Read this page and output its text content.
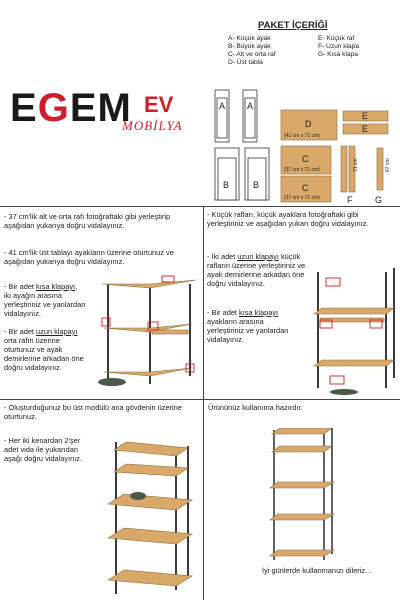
EGEM EV
MOBİLYA
PAKET İÇERİĞİ
A- Küçük ayak
B- Büyük ayak
C- Alt ve orta raf
D- Üst tabla
E- Küçük raf
F- Uzun klapa
G- Kısa klapa
A A
B	B
D
(41 cm x 71 cm)
E
E
C
(37 cm x 71 cm)
C
(37 cm x 71 cm)
71 cm
F
67 cm
G
- 37 cm'lik alt ve orta rafı fotoğraftaki gibi yerleştirip aşağıdan yukarıya doğru vidalayınız.
- 41 cm'lik üst tablayı ayakların üzerine oturtunuz ve aşağıdan yukarıya doğru vidalayınız.
- Bir adet kısa klapayı, iki ayağın arasına yerleştiriniz ve yanlardan vidalayınız.
- Bir adet uzun klapayı orta rafın üzerine oturtunuz ve ayak demirlerine arkadan öne doğru vidalayınız.
- Küçük rafları, küçük ayaklara fotoğraftaki gibi yerleştiriniz ve aşağıdan yukarı doğru vidalayınız.
- İki adet uzun klapayı küçük rafların üzerine yerleştiriniz ve ayak demirlerine arkadan öne doğru vidalayınız.
- Bir adet kısa klapayı ayakların arasına yerleştiriniz ve yanlardan vidalayınız.
- Oluşturduğunuz bu üst modülü ana gövdenin üzerine oturtunuz.
- Her iki kenardan 2'şer adet vida ile yukarıdan aşağı doğru vidalayınız.
Ürününüz kullanıma hazırdır.
İyi günlerde kullanmanızı dileriz...
